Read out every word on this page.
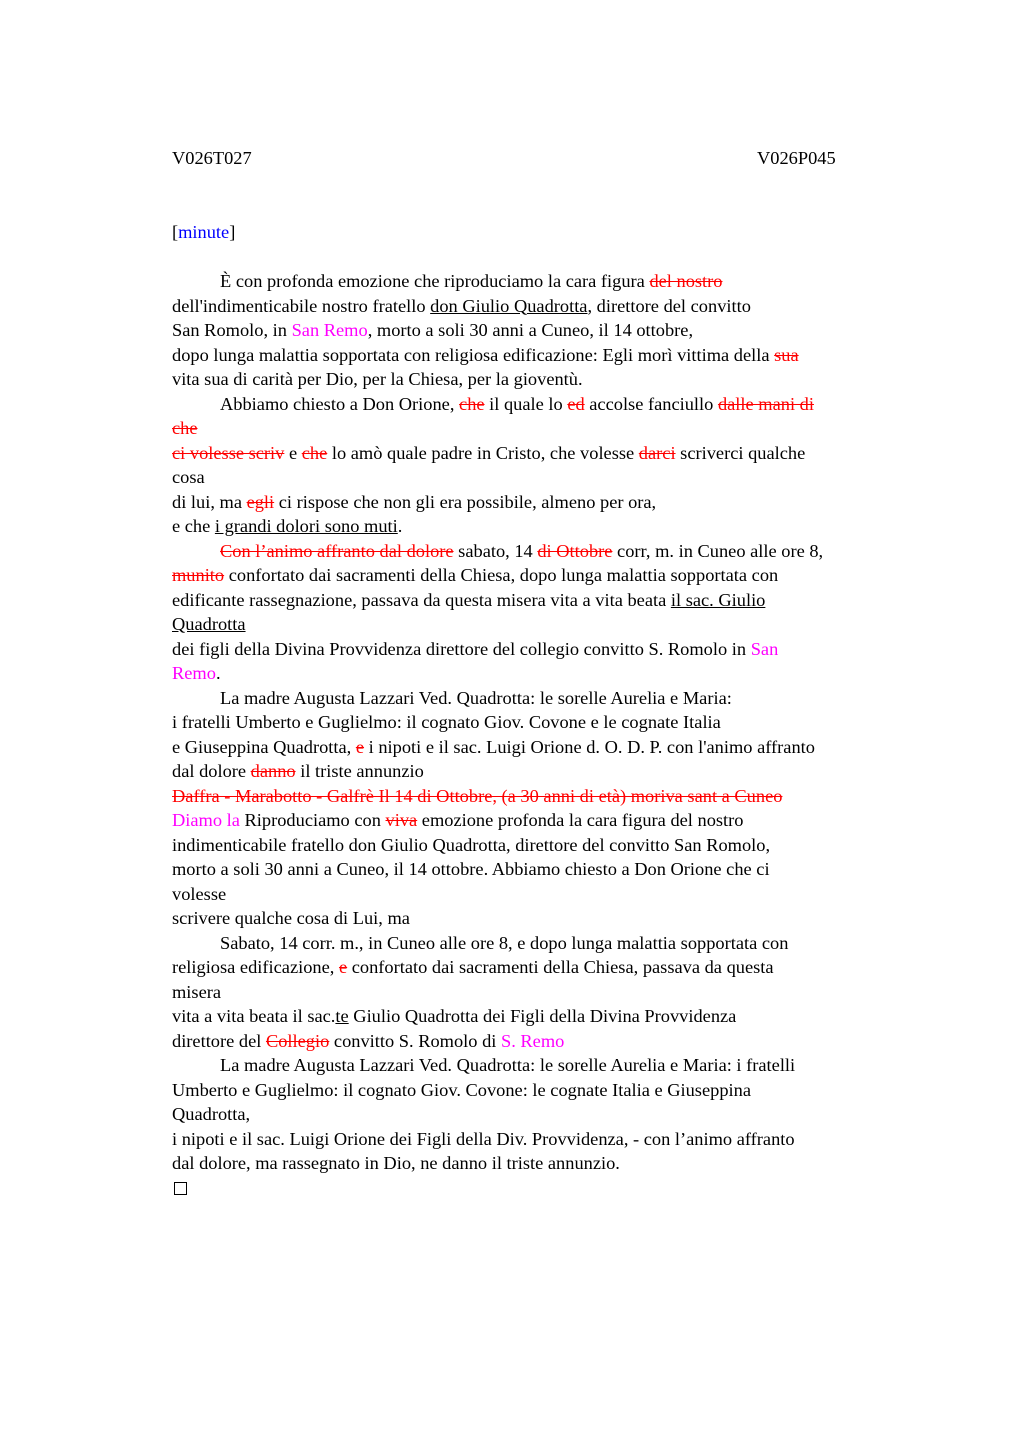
V026T027	V026P045

[minute]
È con profonda emozione che riproduciamo la cara figura del nostro
dell'indimenticabile nostro fratello don Giulio Quadrotta, direttore del convitto
San Romolo, in San Remo, morto a soli 30 anni a Cuneo, il 14 ottobre,
dopo lunga malattia sopportata con religiosa edificazione: Egli morì vittima della sua
vita sua di carità per Dio, per la Chiesa, per la gioventù.
Abbiamo chiesto a Don Orione, che il quale lo ed accolse fanciullo dalle mani di
che
ci volesse scriv e che lo amò quale padre in Cristo, che volesse darci scriverci qualche
cosa
di lui, ma egli ci rispose che non gli era possibile, almeno per ora,
e che i grandi dolori sono muti.
Con l’animo affranto dal dolore sabato, 14 di Ottobre corr, m. in Cuneo alle ore 8,
munito confortato dai sacramenti della Chiesa, dopo lunga malattia sopportata con
edificante rassegnazione, passava da questa misera vita a vita beata il sac. Giulio
Quadrotta
dei figli della Divina Provvidenza direttore del collegio convitto S. Romolo in San
Remo.
La madre Augusta Lazzari Ved. Quadrotta: le sorelle Aurelia e Maria:
i fratelli Umberto e Guglielmo: il cognato Giov. Covone e le cognate Italia
e Giuseppina Quadrotta, e i nipoti e il sac. Luigi Orione d. O. D. P. con l'animo affranto
dal dolore danno il triste annunzio
Daffra - Marabotto - Galfrè Il 14 di Ottobre, (a 30 anni di età) moriva sant a Cuneo
Diamo la Riproduciamo con viva emozione profonda la cara figura del nostro
indimenticabile fratello don Giulio Quadrotta, direttore del convitto San Romolo,
morto a soli 30 anni a Cuneo, il 14 ottobre. Abbiamo chiesto a Don Orione che ci
volesse
scrivere qualche cosa di Lui, ma
Sabato, 14 corr. m., in Cuneo alle ore 8, e dopo lunga malattia sopportata con
religiosa edificazione, e confortato dai sacramenti della Chiesa, passava da questa
misera
vita a vita beata il sac.te Giulio Quadrotta dei Figli della Divina Provvidenza
direttore del Collegio convitto S. Romolo di S. Remo
La madre Augusta Lazzari Ved. Quadrotta: le sorelle Aurelia e Maria: i fratelli
Umberto e Guglielmo: il cognato Giov. Covone: le cognate Italia e Giuseppina
Quadrotta,
i nipoti e il sac. Luigi Orione dei Figli della Div. Provvidenza, - con l’animo affranto
dal dolore, ma rassegnato in Dio, ne danno il triste annunzio.
